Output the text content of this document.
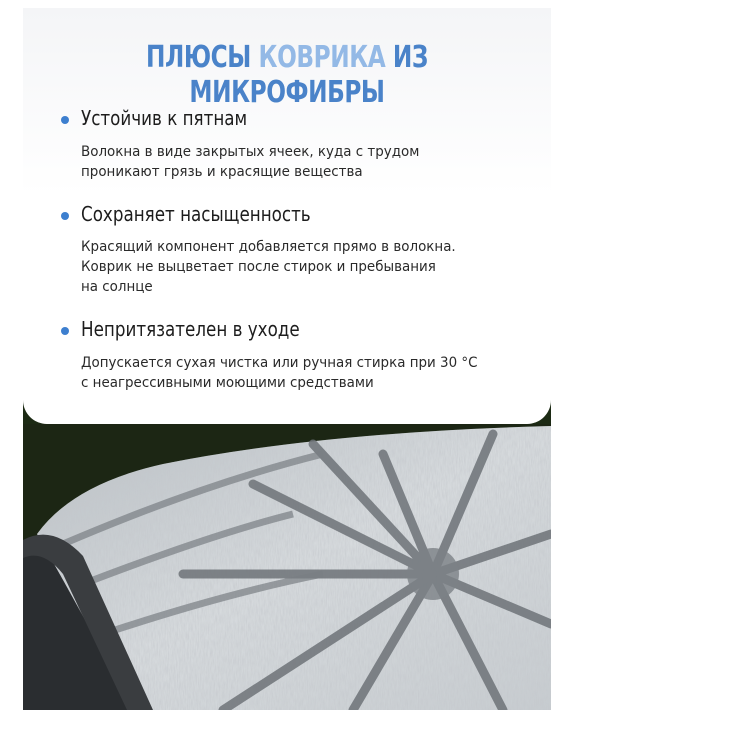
ПЛЮСЫ КОВРИКА ИЗ МИКРОФИБРЫ
Устойчив к пятнам
Волокна в виде закрытых ячеек, куда с трудом
проникают грязь и красящие вещества
Сохраняет насыщенность
Красящий компонент добавляется прямо в волокна.
Коврик не выцветает после стирок и пребывания
на солнце
Непритязателен в уходе
Допускается сухая чистка или ручная стирка при 30 °С
с неагрессивными моющими средствами
